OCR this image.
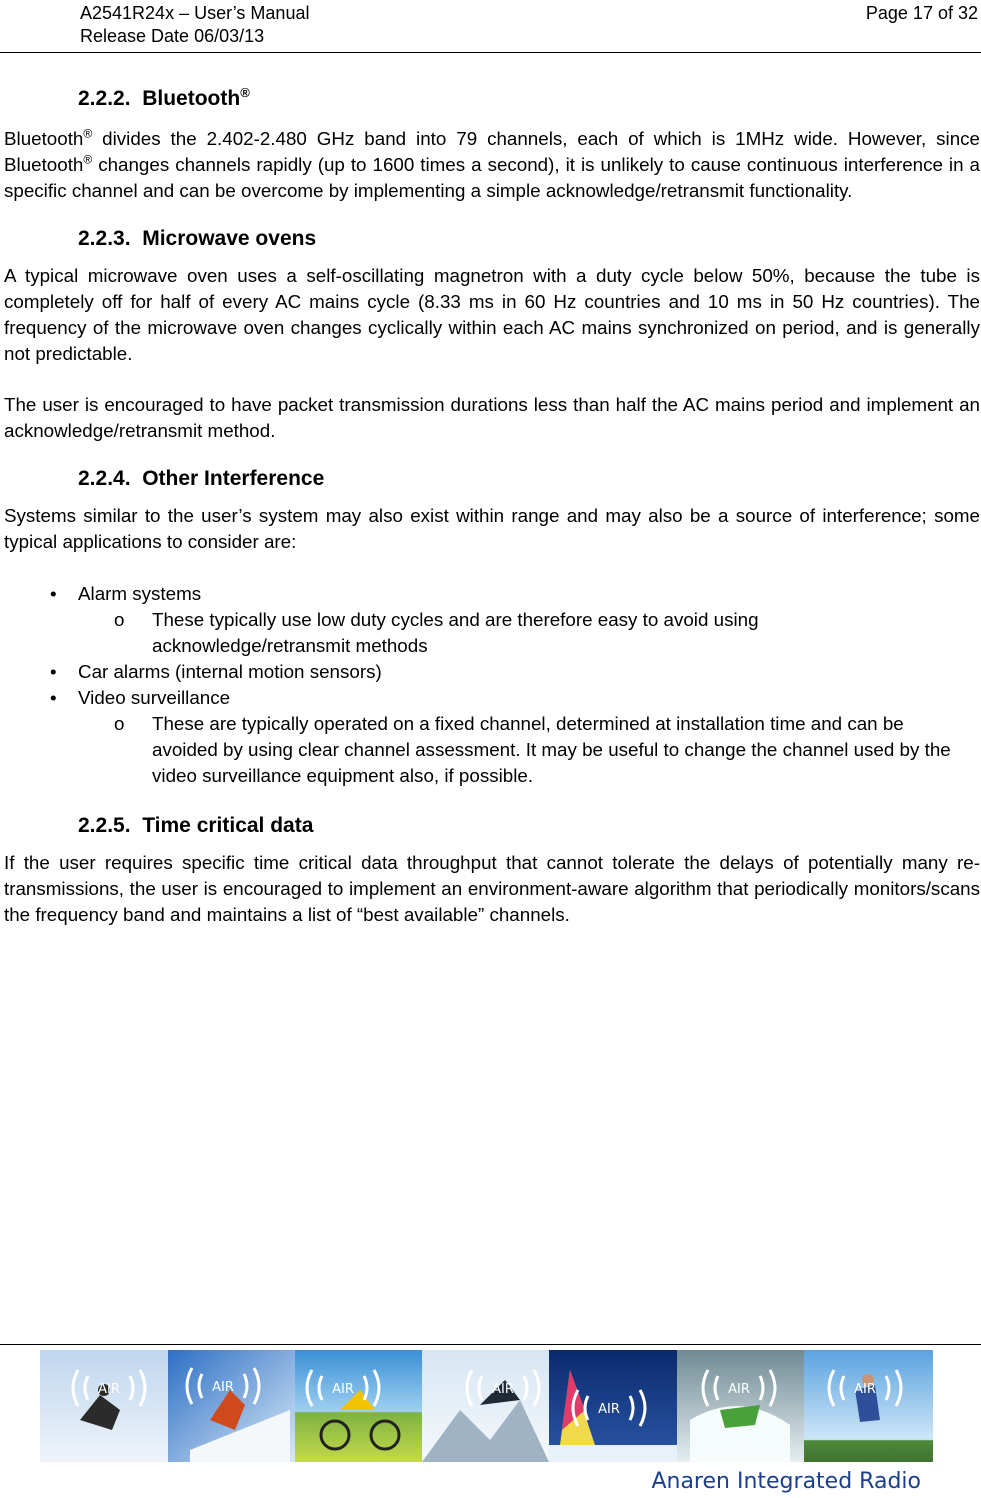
A2541R24x – User’s Manual
Release Date 06/03/13
Page 17 of 32
2.2.2. Bluetooth®

Bluetooth® divides the 2.402-2.480 GHz band into 79 channels, each of which is 1MHz wide. However, since Bluetooth® changes channels rapidly (up to 1600 times a second), it is unlikely to cause continuous interference in a specific channel and can be overcome by implementing a simple acknowledge/retransmit functionality.

2.2.3. Microwave ovens

A typical microwave oven uses a self-oscillating magnetron with a duty cycle below 50%, because the tube is completely off for half of every AC mains cycle (8.33 ms in 60 Hz countries and 10 ms in 50 Hz countries). The frequency of the microwave oven changes cyclically within each AC mains synchronized on period, and is generally not predictable.

The user is encouraged to have packet transmission durations less than half the AC mains period and implement an acknowledge/retransmit method.

2.2.4. Other Interference

Systems similar to the user’s system may also exist within range and may also be a source of interference; some typical applications to consider are:

• Alarm systems
o These typically use low duty cycles and are therefore easy to avoid using acknowledge/retransmit methods
• Car alarms (internal motion sensors)
• Video surveillance
o These are typically operated on a fixed channel, determined at installation time and can be avoided by using clear channel assessment. It may be useful to change the channel used by the video surveillance equipment also, if possible.
2.2.5. Time critical data

If the user requires specific time critical data throughput that cannot tolerate the delays of potentially many re-transmissions, the user is encouraged to implement an environment-aware algorithm that periodically monitors/scans the frequency band and maintains a list of “best available” channels.

AIR	AIR	AIR	AIR
AIR
AIR	AIR
Anaren Integrated Radio
